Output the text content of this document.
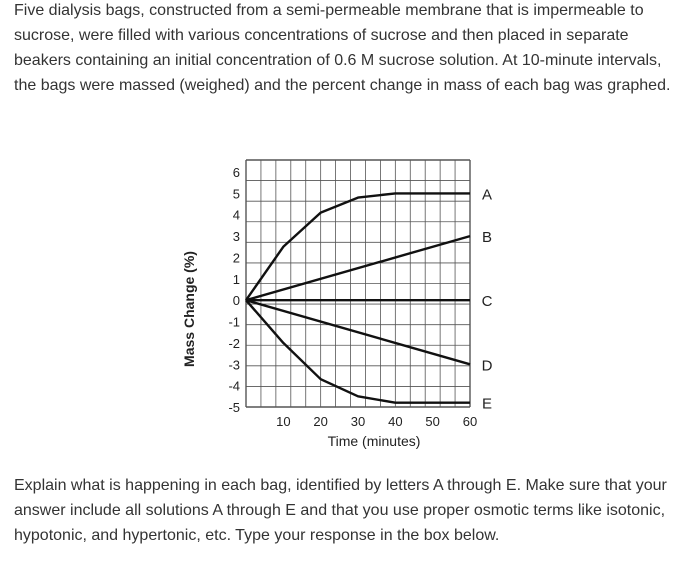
Five dialysis bags, constructed from a semi-permeable membrane that is impermeable to sucrose, were filled with various concentrations of sucrose and then placed in separate beakers containing an initial concentration of 0.6 M sucrose solution. At 10-minute intervals, the bags were massed (weighed) and the percent change in mass of each bag was graphed.

6
5
4
3
2
1
0
-1
-2
-3
-4
-5
10 20 30 40 50 60
A
B
C
D
E
Mass Change (%)
Time (minutes)

Explain what is happening in each bag, identified by letters A through E. Make sure that your answer include all solutions A through E and that you use proper osmotic terms like isotonic, hypotonic, and hypertonic, etc. Type your response in the box below.
